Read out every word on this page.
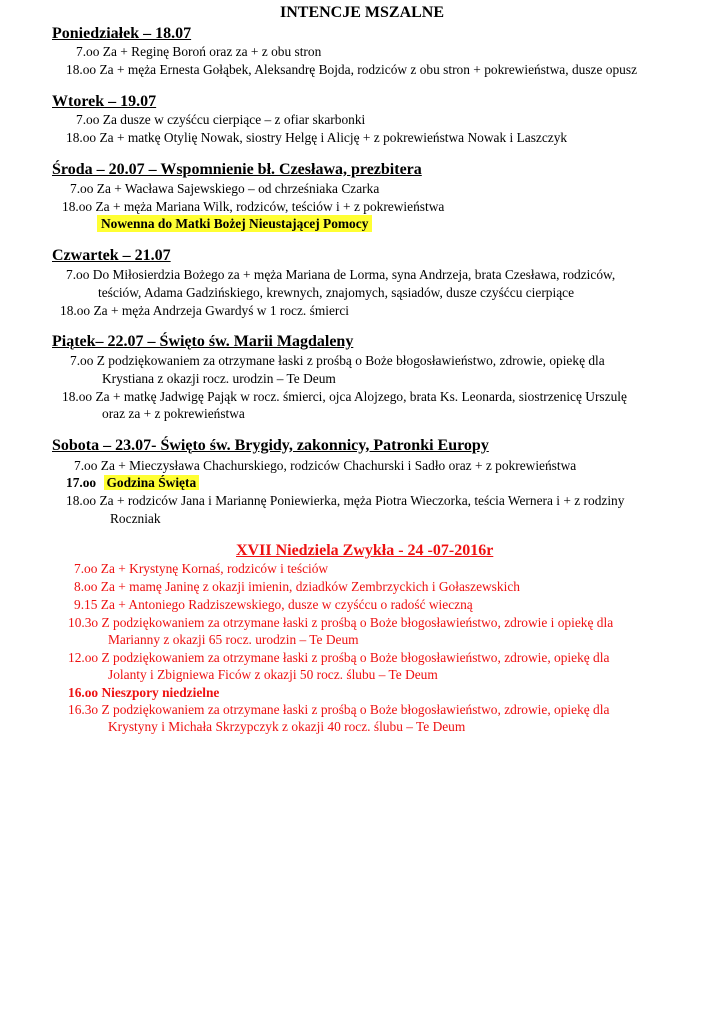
INTENCJE MSZALNE
Poniedziałek – 18.07
7.oo Za + Reginę Boroń oraz za + z obu stron
18.oo Za + męża Ernesta Gołąbek, Aleksandrę Bojda, rodziców z obu stron + pokrewieństwa, dusze opusz
Wtorek – 19.07
7.oo Za dusze w czyśćcu cierpiące – z ofiar skarbonki
18.oo Za + matkę Otylię Nowak, siostry Helgę i Alicję + z pokrewieństwa Nowak i Laszczyk
Środa – 20.07 – Wspomnienie bł. Czesława, prezbitera
7.oo Za + Wacława Sajewskiego – od chrześniaka Czarka
18.oo Za + męża Mariana Wilk, rodziców, teściów i + z pokrewieństwa
Nowenna do Matki Bożej Nieustającej Pomocy
Czwartek – 21.07
7.oo Do Miłosierdzia Bożego za + męża Mariana de Lorma, syna Andrzeja, brata Czesława, rodziców,
teściów, Adama Gadzińskiego, krewnych, znajomych, sąsiadów, dusze czyśćcu cierpiące
18.oo Za + męża Andrzeja Gwardyś w 1 rocz. śmierci
Piątek– 22.07 – Święto św. Marii Magdaleny
7.oo Z podziękowaniem za otrzymane łaski z prośbą o Boże błogosławieństwo, zdrowie, opiekę dla
Krystiana z okazji rocz. urodzin – Te Deum
18.oo Za + matkę Jadwigę Pająk w rocz. śmierci, ojca Alojzego, brata Ks. Leonarda, siostrzenicę Urszulę
oraz za + z pokrewieństwa
Sobota – 23.07- Święto św. Brygidy, zakonnicy, Patronki Europy
7.oo Za + Mieczysława Chachurskiego, rodziców Chachurski i Sadło oraz + z pokrewieństwa
17.oo Godzina Święta
18.oo Za + rodziców Jana i Mariannę Poniewierka, męża Piotra Wieczorka, teścia Wernera i + z rodziny
Roczniak
XVII Niedziela Zwykła - 24 -07-2016r
7.oo Za + Krystynę Kornaś, rodziców i teściów
8.oo Za + mamę Janinę z okazji imienin, dziadków Zembrzyckich i Gołaszewskich
9.15 Za + Antoniego Radziszewskiego, dusze w czyśćcu o radość wieczną
10.3o Z podziękowaniem za otrzymane łaski z prośbą o Boże błogosławieństwo, zdrowie i opiekę dla
Marianny z okazji 65 rocz. urodzin – Te Deum
12.oo Z podziękowaniem za otrzymane łaski z prośbą o Boże błogosławieństwo, zdrowie, opiekę dla
Jolanty i Zbigniewa Ficów z okazji 50 rocz. ślubu – Te Deum
16.oo Nieszpory niedzielne
16.3o Z podziękowaniem za otrzymane łaski z prośbą o Boże błogosławieństwo, zdrowie, opiekę dla
Krystyny i Michała Skrzypczyk z okazji 40 rocz. ślubu – Te Deum
